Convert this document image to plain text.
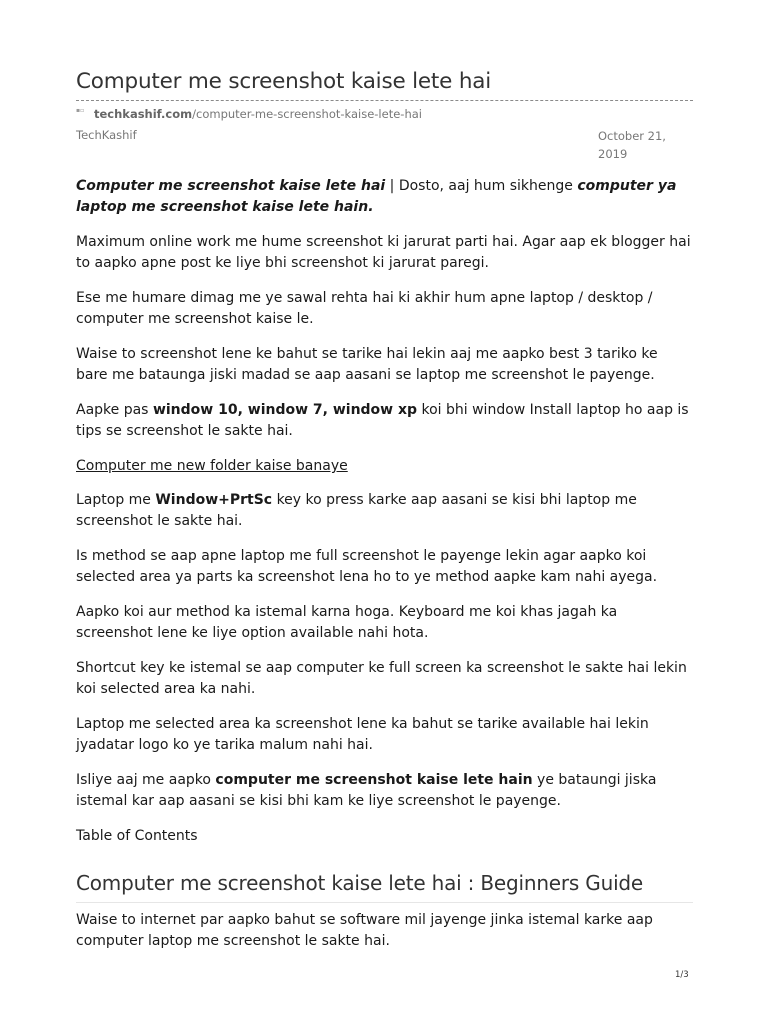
Computer me screenshot kaise lete hai
▪▫ techkashif.com /computer-me-screenshot-kaise-lete-hai
TechKashif	October 21,
2019

Computer me screenshot kaise lete hai | Dosto, aaj hum sikhenge computer ya laptop me screenshot kaise lete hain.

Maximum online work me hume screenshot ki jarurat parti hai. Agar aap ek blogger hai to aapko apne post ke liye bhi screenshot ki jarurat paregi.

Ese me humare dimag me ye sawal rehta hai ki akhir hum apne laptop / desktop / computer me screenshot kaise le.

Waise to screenshot lene ke bahut se tarike hai lekin aaj me aapko best 3 tariko ke bare me bataunga jiski madad se aap aasani se laptop me screenshot le payenge.

Aapke pas window 10, window 7, window xp koi bhi window Install laptop ho aap is tips se screenshot le sakte hai.

Computer me new folder kaise banaye

Laptop me Window+PrtSc key ko press karke aap aasani se kisi bhi laptop me screenshot le sakte hai.

Is method se aap apne laptop me full screenshot le payenge lekin agar aapko koi selected area ya parts ka screenshot lena ho to ye method aapke kam nahi ayega.

Aapko koi aur method ka istemal karna hoga. Keyboard me koi khas jagah ka screenshot lene ke liye option available nahi hota.

Shortcut key ke istemal se aap computer ke full screen ka screenshot le sakte hai lekin koi selected area ka nahi.

Laptop me selected area ka screenshot lene ka bahut se tarike available hai lekin jyadatar logo ko ye tarika malum nahi hai.

Isliye aaj me aapko computer me screenshot kaise lete hain ye bataungi jiska istemal kar aap aasani se kisi bhi kam ke liye screenshot le payenge.

Table of Contents

Computer me screenshot kaise lete hai : Beginners Guide

Waise to internet par aapko bahut se software mil jayenge jinka istemal karke aap computer laptop me screenshot le sakte hai.

1/3
